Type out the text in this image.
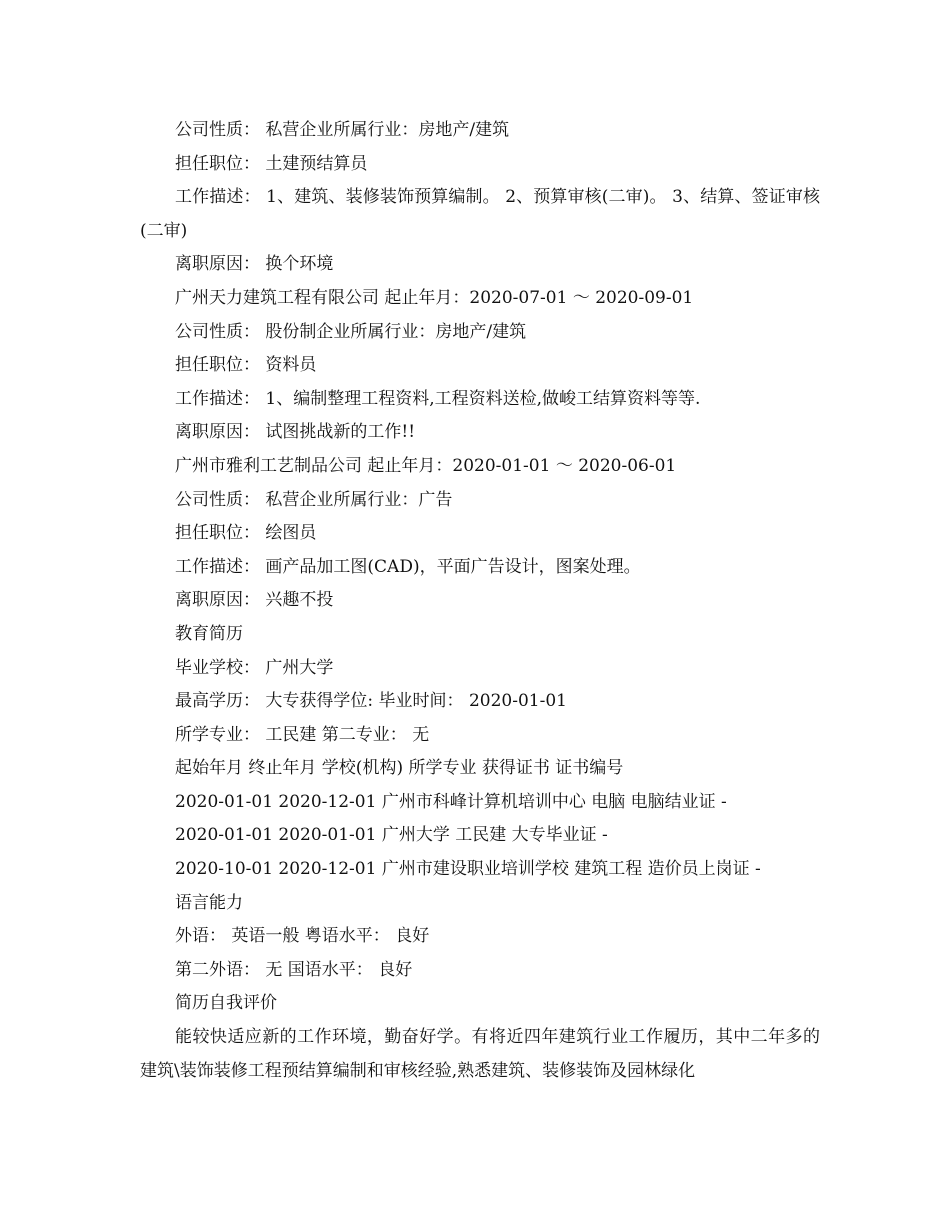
公司性质： 私营企业所属行业：房地产/建筑
担任职位： 土建预结算员
工作描述： 1、建筑、装修装饰预算编制。 2、预算审核(二审)。 3、结算、签证审核(二审)
离职原因： 换个环境
广州天力建筑工程有限公司 起止年月：2020-07-01 ～ 2020-09-01
公司性质： 股份制企业所属行业：房地产/建筑
担任职位： 资料员
工作描述： 1、编制整理工程资料,工程资料送检,做峻工结算资料等等.
离职原因： 试图挑战新的工作!!
广州市雅利工艺制品公司 起止年月：2020-01-01 ～ 2020-06-01
公司性质： 私营企业所属行业：广告
担任职位： 绘图员
工作描述： 画产品加工图(CAD)，平面广告设计，图案处理。
离职原因： 兴趣不投
教育简历
毕业学校： 广州大学
最高学历： 大专获得学位: 毕业时间： 2020-01-01
所学专业： 工民建 第二专业： 无
起始年月 终止年月 学校(机构) 所学专业 获得证书 证书编号
2020-01-01 2020-12-01 广州市科峰计算机培训中心 电脑 电脑结业证 -
2020-01-01 2020-01-01 广州大学 工民建 大专毕业证 -
2020-10-01 2020-12-01 广州市建设职业培训学校 建筑工程 造价员上岗证 -
语言能力
外语： 英语一般 粤语水平： 良好
第二外语： 无 国语水平： 良好
简历自我评价
能较快适应新的工作环境，勤奋好学。有将近四年建筑行业工作履历，其中二年多的建筑\装饰装修工程预结算编制和审核经验,熟悉建筑、装修装饰及园林绿化
